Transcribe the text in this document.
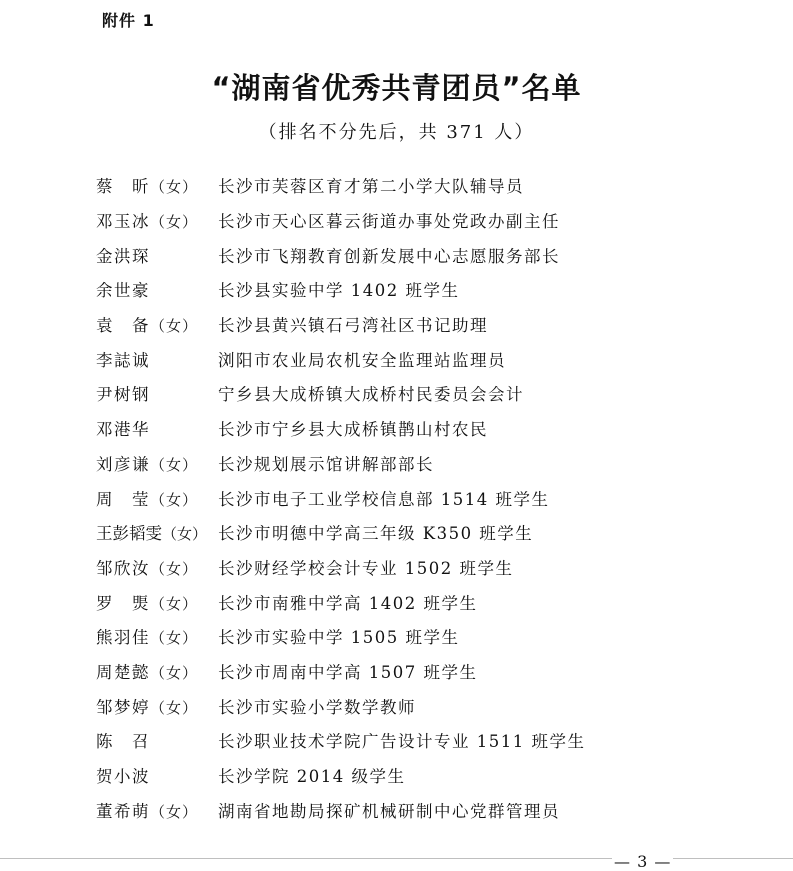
附件 1
“湖南省优秀共青团员”名单
（排名不分先后，共 371 人）
蔡　昕（女）	长沙市芙蓉区育才第二小学大队辅导员
邓玉冰（女）	长沙市天心区暮云街道办事处党政办副主任
金洪琛	长沙市飞翔教育创新发展中心志愿服务部长
余世豪	长沙县实验中学 1402 班学生
袁　备（女）	长沙县黄兴镇石弓湾社区书记助理
李誌诚	浏阳市农业局农机安全监理站监理员
尹树钢	宁乡县大成桥镇大成桥村民委员会会计
邓港华	长沙市宁乡县大成桥镇鹊山村农民
刘彦谦（女）	长沙规划展示馆讲解部部长
周　莹（女）	长沙市电子工业学校信息部 1514 班学生
王彭韬雯（女） 长沙市明德中学高三年级 K350 班学生
邹欣汝（女）	长沙财经学校会计专业 1502 班学生
罗　煚（女）	长沙市南雅中学高 1402 班学生
熊羽佳（女）	长沙市实验中学 1505 班学生
周楚懿（女）	长沙市周南中学高 1507 班学生
邹梦婷（女）	长沙市实验小学数学教师
陈　召	长沙职业技术学院广告设计专业 1511 班学生
贺小波	长沙学院 2014 级学生
董希萌（女）	湖南省地勘局探矿机械研制中心党群管理员
— 3 —
